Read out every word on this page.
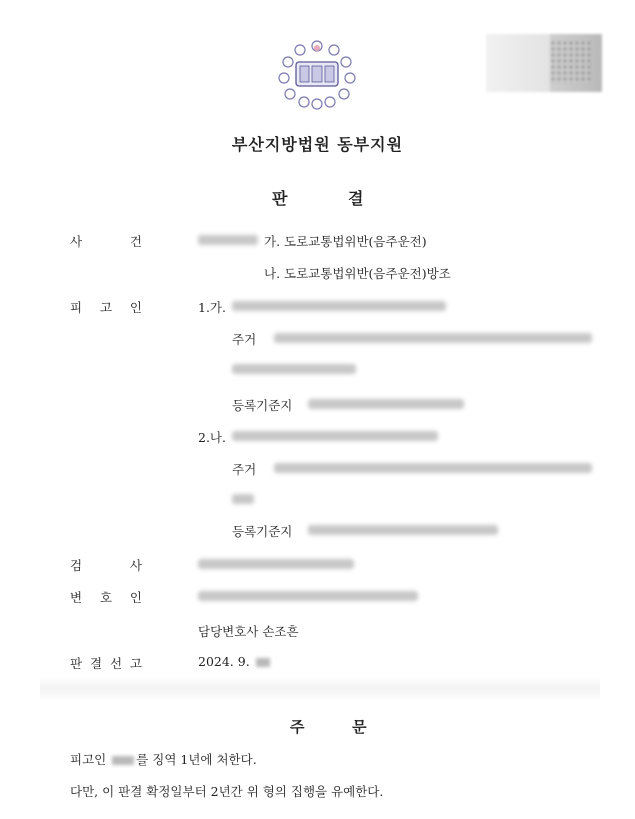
부산지방법원 동부지원
판	결
사	건	가. 도로교통법위반(음주운전)
나. 도로교통법위반(음주운전)방조
피 고 인	1.가.
주거
등록기준지
2.나.
주거
등록기준지
검	사
변 호 인
담당변호사 손조흔
판 결 선 고	2024. 9.
주	문
피고인 를 징역 1년에 처한다.
다만, 이 판결 확정일부터 2년간 위 형의 집행을 유예한다.
